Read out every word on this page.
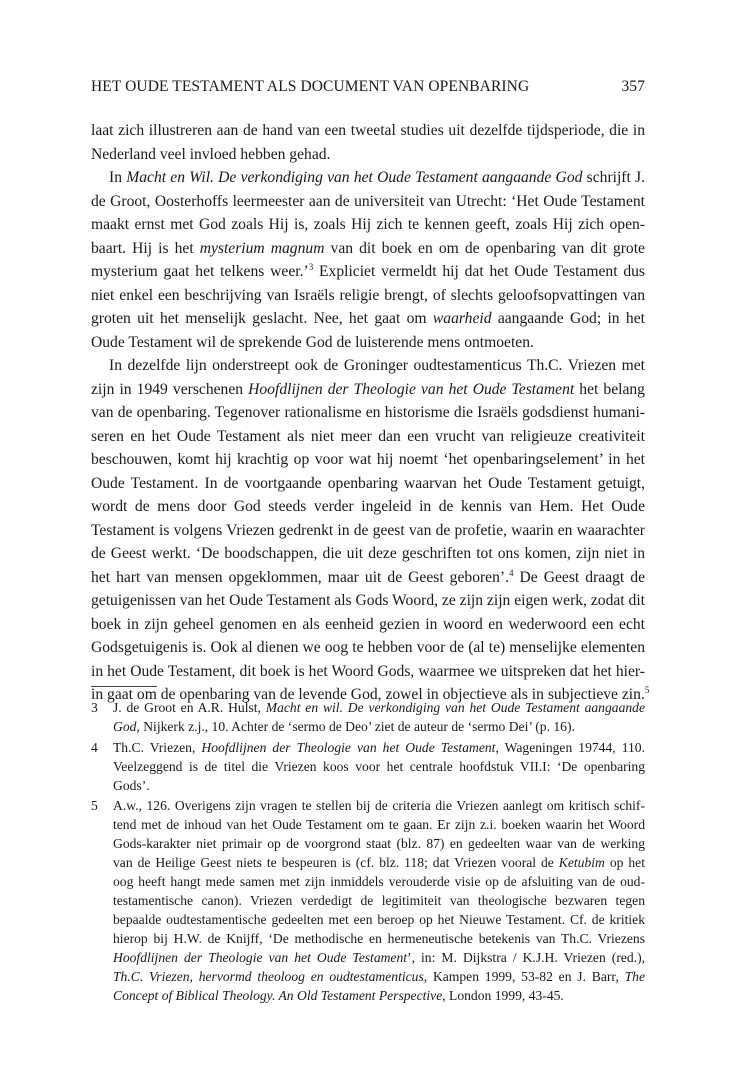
HET OUDE TESTAMENT ALS DOCUMENT VAN OPENBARING	357
laat zich illustreren aan de hand van een tweetal studies uit dezelfde tijdsperiode, die in
Nederland veel invloed hebben gehad.
In Macht en Wil. De verkondiging van het Oude Testament aangaande God schrijft J.
de Groot, Oosterhoffs leermeester aan de universiteit van Utrecht: ‘Het Oude Testament
maakt ernst met God zoals Hij is, zoals Hij zich te kennen geeft, zoals Hij zich open-
baart. Hij is het mysterium magnum van dit boek en om de openbaring van dit grote
mysterium gaat het telkens weer.’$^3$ Expliciet vermeldt hij dat het Oude Testament dus
niet enkel een beschrijving van Israëls religie brengt, of slechts geloofsopvattingen van
groten uit het menselijk geslacht. Nee, het gaat om waarheid aangaande God; in het
Oude Testament wil de sprekende God de luisterende mens ontmoeten.
In dezelfde lijn onderstreept ook de Groninger oudtestamenticus Th.C. Vriezen met
zijn in 1949 verschenen Hoofdlijnen der Theologie van het Oude Testament het belang
van de openbaring. Tegenover rationalisme en historisme die Israëls godsdienst humani-
seren en het Oude Testament als niet meer dan een vrucht van religieuze creativiteit
beschouwen, komt hij krachtig op voor wat hij noemt ‘het openbaringselement’ in het
Oude Testament. In de voortgaande openbaring waarvan het Oude Testament getuigt,
wordt de mens door God steeds verder ingeleid in de kennis van Hem. Het Oude
Testament is volgens Vriezen gedrenkt in de geest van de profetie, waarin en waarachter
de Geest werkt. ‘De boodschappen, die uit deze geschriften tot ons komen, zijn niet in
het hart van mensen opgeklommen, maar uit de Geest geboren’.$^4$ De Geest draagt de
getuigenissen van het Oude Testament als Gods Woord, ze zijn zijn eigen werk, zodat dit
boek in zijn geheel genomen en als eenheid gezien in woord en wederwoord een echt
Godsgetuigenis is. Ook al dienen we oog te hebben voor de (al te) menselijke elementen
in het Oude Testament, dit boek is het Woord Gods, waarmee we uitspreken dat het hier-
in gaat om de openbaring van de levende God, zowel in objectieve als in subjectieve zin.$^5$
3	J. de Groot en A.R. Hulst, Macht en wil. De verkondiging van het Oude Testament aangaande
God, Nijkerk z.j., 10. Achter de ‘sermo de Deo’ ziet de auteur de ‘sermo Dei’ (p. 16).
4	Th.C. Vriezen, Hoofdlijnen der Theologie van het Oude Testament, Wageningen 19744, 110.
Veelzeggend is de titel die Vriezen koos voor het centrale hoofdstuk VII.I: ‘De openbaring
Gods’.
5	A.w., 126. Overigens zijn vragen te stellen bij de criteria die Vriezen aanlegt om kritisch schif-
tend met de inhoud van het Oude Testament om te gaan. Er zijn z.i. boeken waarin het Woord
Gods-karakter niet primair op de voorgrond staat (blz. 87) en gedeelten waar van de werking
van de Heilige Geest niets te bespeuren is (cf. blz. 118; dat Vriezen vooral de Ketubim op het
oog heeft hangt mede samen met zijn inmiddels verouderde visie op de afsluiting van de oud-
testamentische canon). Vriezen verdedigt de legitimiteit van theologische bezwaren tegen
bepaalde oudtestamentische gedeelten met een beroep op het Nieuwe Testament. Cf. de kritiek
hierop bij H.W. de Knijff, ‘De methodische en hermeneutische betekenis van Th.C. Vriezens
Hoofdlijnen der Theologie van het Oude Testament’, in: M. Dijkstra / K.J.H. Vriezen (red.),
Th.C. Vriezen, hervormd theoloog en oudtestamenticus, Kampen 1999, 53-82 en J. Barr, The
Concept of Biblical Theology. An Old Testament Perspective, London 1999, 43-45.
